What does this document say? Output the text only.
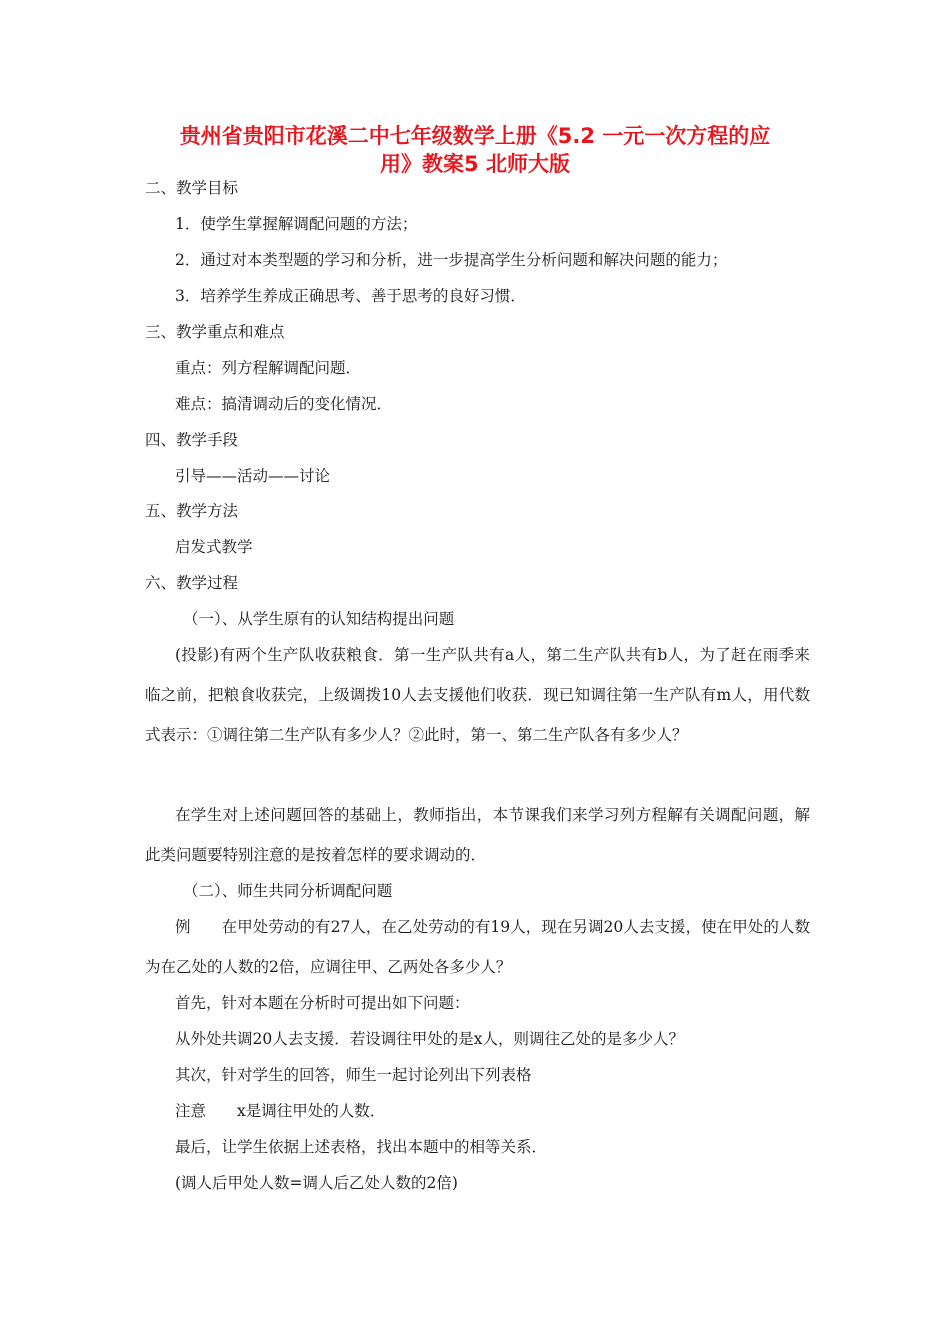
贵州省贵阳市花溪二中七年级数学上册《5.2 一元一次方程的应

用》教案5 北师大版

二、教学目标

1．使学生掌握解调配问题的方法；

2．通过对本类型题的学习和分析，进一步提高学生分析问题和解决问题的能力；

3．培养学生养成正确思考、善于思考的良好习惯．

三、教学重点和难点

重点：列方程解调配问题．

难点：搞清调动后的变化情况．

四、教学手段

引导——活动——讨论

五、教学方法

启发式教学

六、教学过程

（一）、从学生原有的认知结构提出问题

(投影)有两个生产队收获粮食．第一生产队共有a人，第二生产队共有b人，为了赶在雨季来临之前，把粮食收获完，上级调拨10人去支援他们收获．现已知调往第一生产队有m人，用代数式表示：①调往第二生产队有多少人？②此时，第一、第二生产队各有多少人？

在学生对上述问题回答的基础上，教师指出，本节课我们来学习列方程解有关调配问题，解此类问题要特别注意的是按着怎样的要求调动的．

（二）、师生共同分析调配问题

例　　在甲处劳动的有27人，在乙处劳动的有19人，现在另调20人去支援，使在甲处的人数为在乙处的人数的2倍，应调往甲、乙两处各多少人？

首先，针对本题在分析时可提出如下问题：

从外处共调20人去支援．若设调往甲处的是x人，则调往乙处的是多少人？

其次，针对学生的回答，师生一起讨论列出下列表格

注意　　x是调往甲处的人数．

最后，让学生依据上述表格，找出本题中的相等关系．

(调人后甲处人数=调人后乙处人数的2倍)
